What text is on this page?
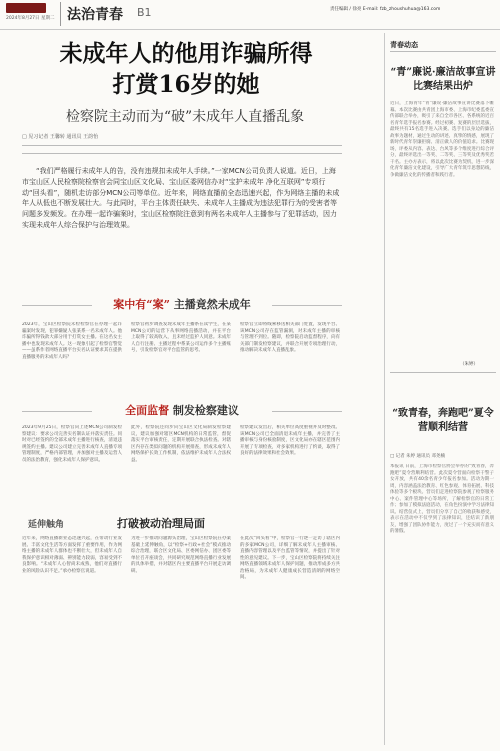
2024年8月27日 星期二 法治青春 B1	责任编辑 / 徐亮 E-mail: fzb_zhoushuhua@163.com
未成年人的他用诈骗所得
打赏16岁的她
检察院主动而为“破”未成年人直播乱象
□ 见习记者 王馨转 通讯员 王韵怡
“我们严格履行未成年人的告，没有违规扣未成年人手续。”一家MCN公司负责人说道。近日，上海市宝山区人民检察院检察官会同宝山区文化局、宝山区委网信办对“宝护未成年 净化互联网”专项行动“回头看”，随机走访部分MCN公司等单位。近年来，网络直播前全态迅速兴起，作为网络主播的未成年人从低也不断发展壮大。与此同时，平台主体责任缺失、未成年人主播成为违法犯罪行为的受害者等问题多发频发。在办理一起诈骗案时，宝山区检察院注意到有两名未成年人主播参与了犯罪活动，因力实现未成年人综合保护与治理效果。
案中有“案” 主播竟然未成年
2023年，宝山区检察院未检检察官在办理一起诈骗案时发现，犯罪嫌疑人张某系一名未成年人。他诈骗所得钱款大部分用于打赏女主播。在这名女主播中也发现未成年人。这一现象引起了检察官警觉——虽系作者网络直播平台实名认证要求其在提供直播服务的未成年人吗？
检察官初步调查发现未成年主播系在读学生，在某MCN公司的运营下从事网络直播活动，并在平台上取得了较高收入，且未经过监护人同意。未成年人自行注册、主播过程中系某公司运作多个主播账号，引发检察官对平台监管的思考。
检察官立即将线索移送相关部门处置，发现平台、该MCN公司存在监管漏洞，对未成年主播的审核与管理不到位。随即，检察院启动监督程序，向有关部门制发检察建议，并联合开展专项治理行动，推动解决未成年人直播乱象。
全面监督 制发检察建议
2023年9月25日，检察官向上述MCN公司制发检察建议：要求公司完善实名制认证并落实责任。同时对已经签约的全部未成年主播进行核查，清退违规签约主播。建议公司建立完善未成年人直播专项管理制度，严格内部管理，并加强对主播及运营人员的法治教育，强化未成年人保护意识。
此外，检察院还同步向宝山区文化局制发检察建议，建议加强对辖区MCN机构的日常监管，督促落实平台审核责任，定期开展联合执法检查。对辖区内存在类似问题的机构开展排查，形成未成年人网络保护长效工作机制，依法维护未成年人合法权益。
检察建议发出后，相关单位高度重视并及时整改。该MCN公司已全面清退未成年主播，并完善了主播审核与身份核验制度，区文化局亦在辖区范围内开展了专项检查，对多家机构进行了约谈，取得了良好的法律效果和社会效果。
延伸触角	打破被动治理局面
近年来，网络直播新业态迅速兴起，在带动行业发展、丰富文化生活等方面发挥了重要作用，作为网络主播的未成年人群体也不断壮大，但未成年人自我保护意识相对薄弱、辨别能力较弱，容易受到不良影响。“未成年人心智尚未成熟，他们对直播行业的风险认识不足。”承办检察官说道。
为进一步推动问题源头治理，宝山区检察院在办案基础上延伸触角，以“检察+行政+社会”模式推动综合治理，联合区文化局、区委网信办、团区委等单位召开座谈会，共同研究规范网络直播行业发展的具体举措，并对辖区内主要直播平台开展走访调研。
在此次“回头看”中，检察官一行逐一走访了辖区内的多家MCN公司，详细了解未成年人主播审核、直播内容管理以及平台监管等情况，并提出了针对性的意见建议。下一步，宝山区检察院将持续关注网络直播领域未成年人保护问题，推动形成多方共治格局，为未成年人健康成长营造清朗的网络空间。
青春动态
“青”廉说·廉洁故事宣讲比赛结果出炉
近日，上海青年“青”廉说·廉洁故事宣讲比赛落下帷幕。本次比赛由共青团上海市委、上海市纪委监委宣传部联合举办，吸引了来自全市各区、各系统的近百名青年选手报名参赛。经过初赛、复赛的层层选拔，最终共有15名选手进入决赛。选手们以身边的廉洁故事为题材，通过生动的讲述、真挚的情感，展现了新时代青年崇廉拒腐、清正做人的价值追求。比赛现场，评委从内容、表达、台风等多个维度进行综合评分，最终评选出一等奖、二等奖、三等奖及优秀奖若干名。主办方表示，将以此次比赛为契机，进一步深化青年廉洁文化建设，引导广大青年筑牢思想防线，争做廉洁文化的传播者和践行者。
（朱婷）
“致青春，奔跑吧”夏令营顺利结营
□ 记者 朱婷 通讯员 邓尧楠
本报讯 日前，上海市检察官协会举办的“致青春，奔跑吧”夏令营顺利结营。此次夏令营面向检察干警子女开放，共有40余名青少年报名参加。活动为期一周，内容涵盖法治教育、红色参观、体育拓展、科技体验等多个板块。营员们走进检察院参观了检察服务中心、案件管理中心等场所，了解检察官的日常工作；参加了模拟法庭活动，在角色扮演中学习法律知识。结营仪式上，营员们分享了自己的收获和感受，表示在活动中不仅学到了法律知识，还结识了新朋友，增强了团队协作能力，度过了一个充实而有意义的暑假。
